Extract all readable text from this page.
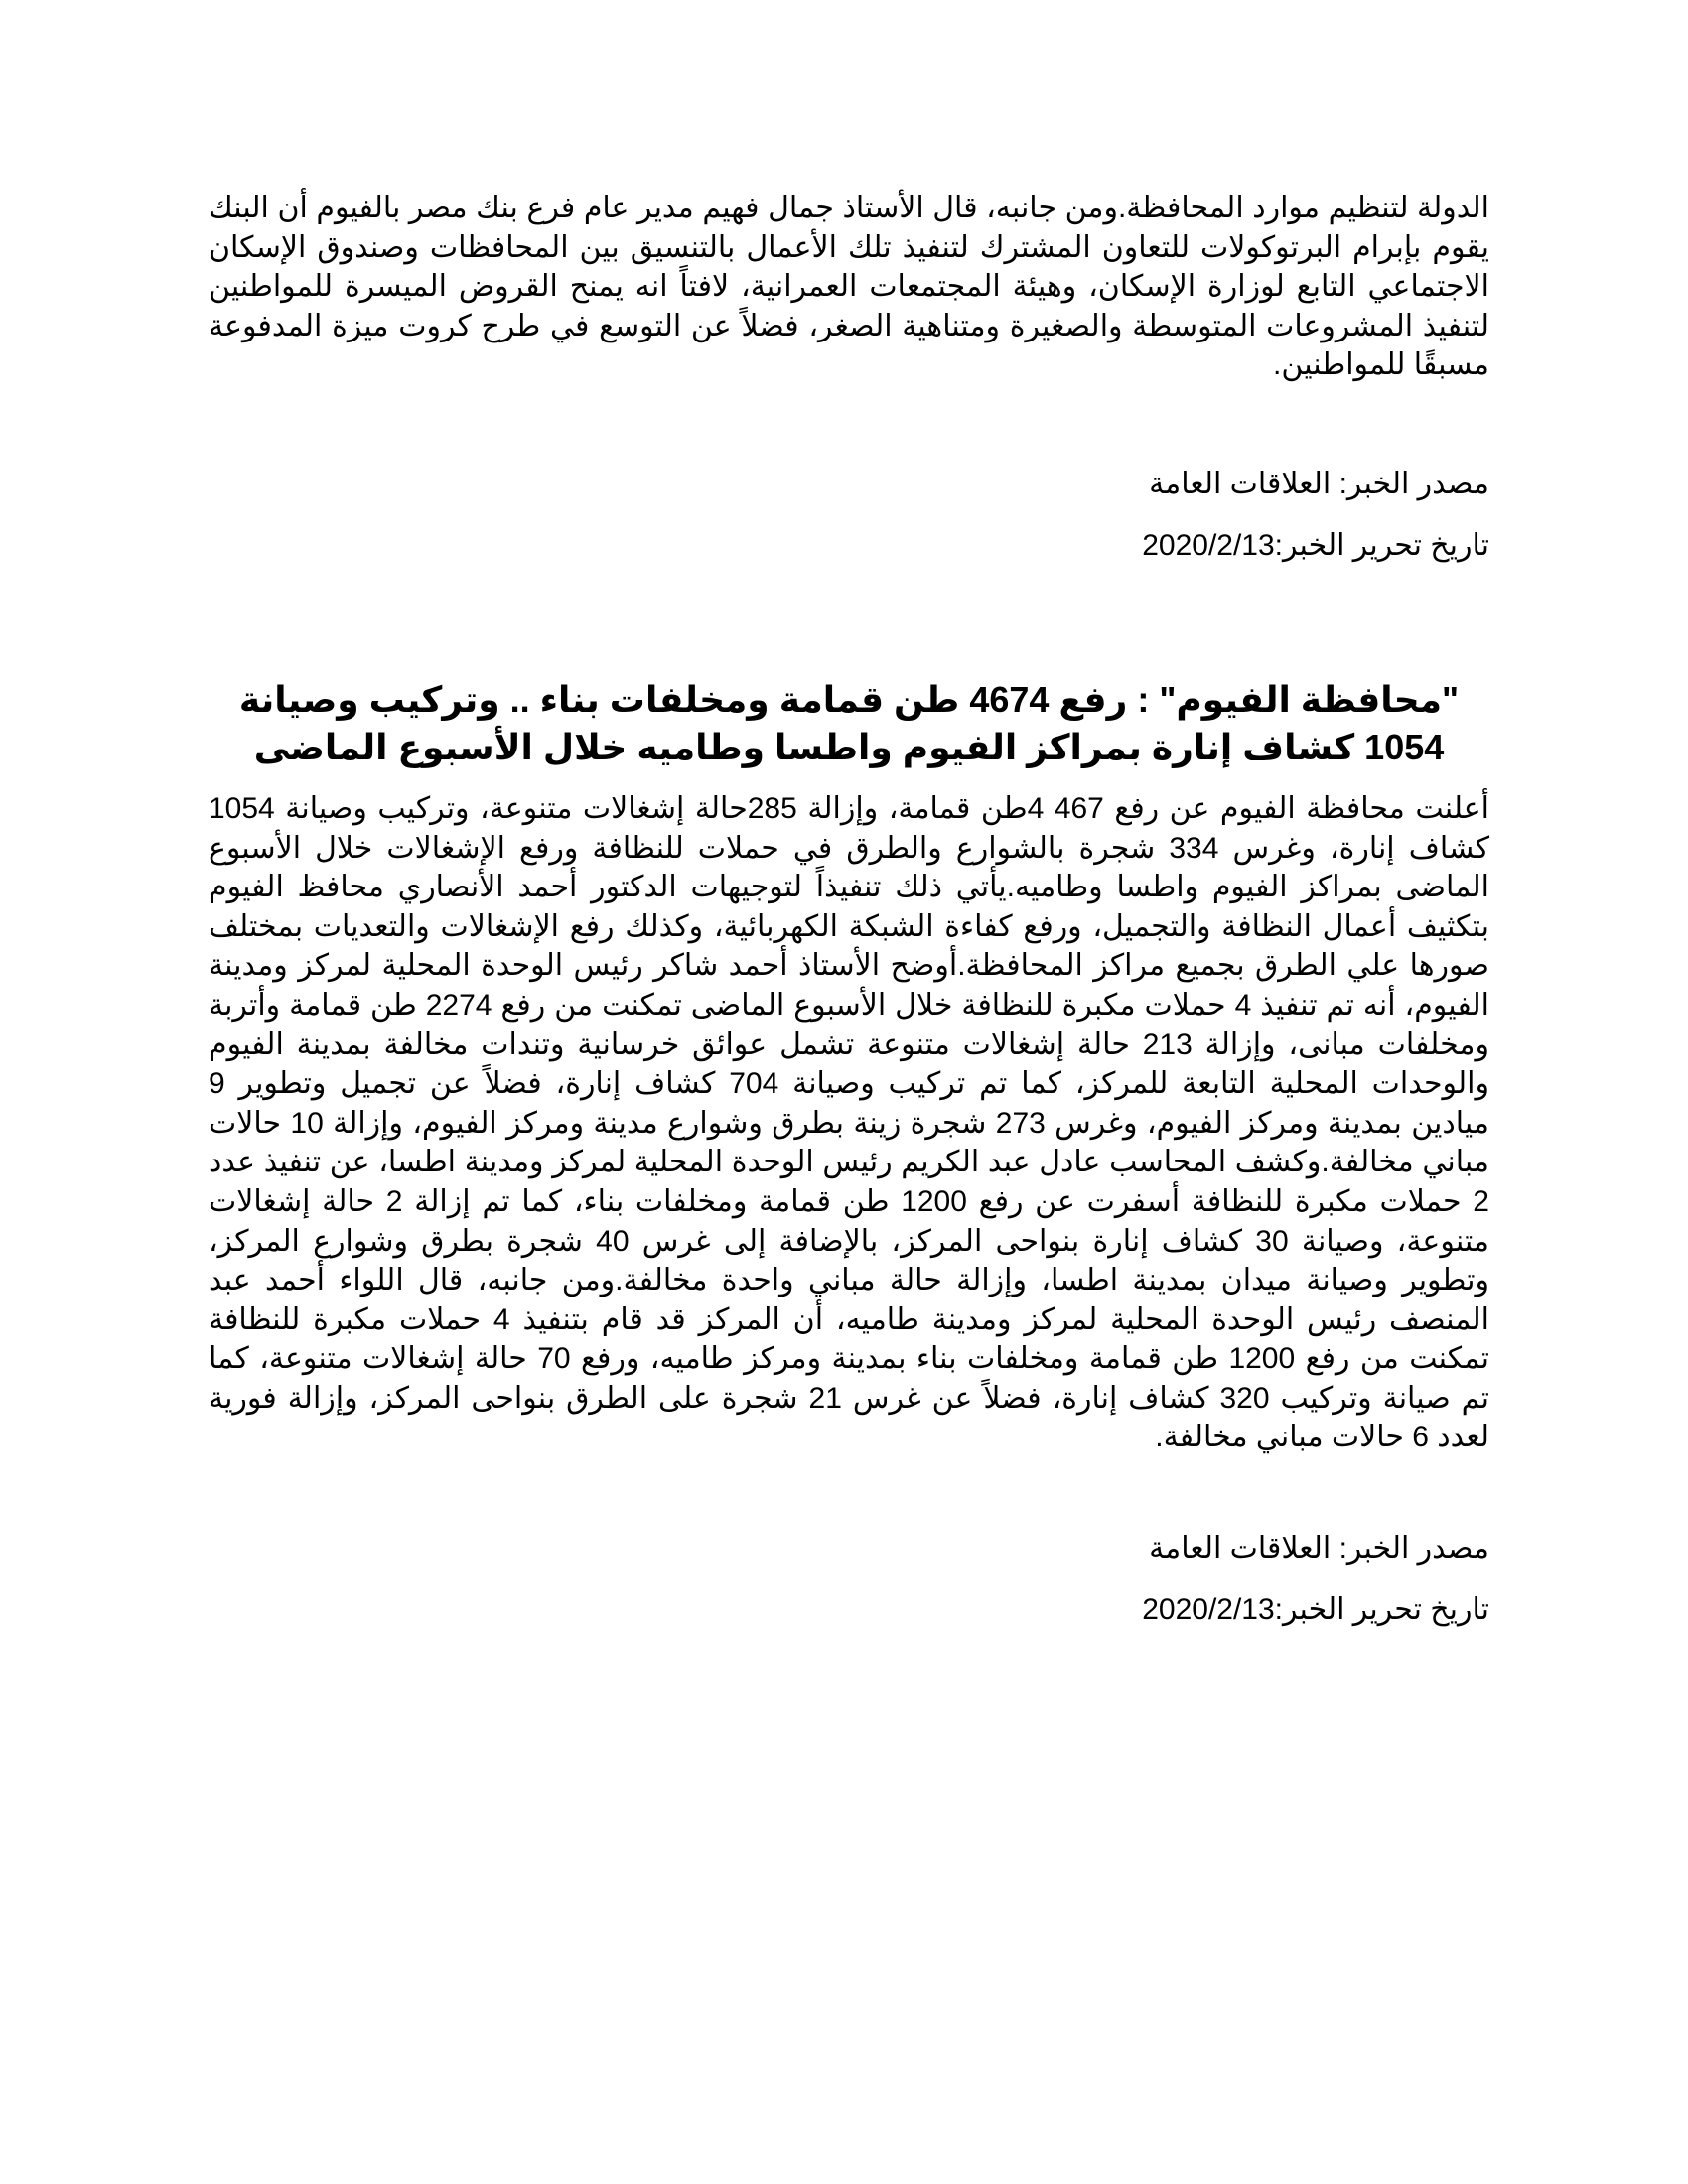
الدولة لتنظيم موارد المحافظة.ومن جانبه، قال الأستاذ جمال فهيم مدير عام فرع بنك مصر بالفيوم أن البنك يقوم بإبرام البرتوكولات للتعاون المشترك لتنفيذ تلك الأعمال بالتنسيق بين المحافظات وصندوق الإسكان الاجتماعي التابع لوزارة الإسكان، وهيئة المجتمعات العمرانية، لافتاً انه يمنح القروض الميسرة للمواطنين لتنفيذ المشروعات المتوسطة والصغيرة ومتناهية الصغر، فضلاً عن التوسع في طرح كروت ميزة المدفوعة مسبقًا للمواطنين.

مصدر الخبر: العلاقات العامة

تاريخ تحرير الخبر:2020/2/13

"محافظة الفيوم" : رفع 4674 طن قمامة ومخلفات بناء .. وتركيب وصيانة 1054 كشاف إنارة بمراكز الفيوم واطسا وطاميه خلال الأسبوع الماضى

أعلنت محافظة الفيوم عن رفع 467 4طن قمامة، وإزالة 285حالة إشغالات متنوعة، وتركيب وصيانة 1054 كشاف إنارة، وغرس 334 شجرة بالشوارع والطرق في حملات للنظافة ورفع الإشغالات خلال الأسبوع الماضى بمراكز الفيوم واطسا وطاميه.يأتي ذلك تنفيذاً لتوجيهات الدكتور أحمد الأنصاري محافظ الفيوم بتكثيف أعمال النظافة والتجميل، ورفع كفاءة الشبكة الكهربائية، وكذلك رفع الإشغالات والتعديات بمختلف صورها علي الطرق بجميع مراكز المحافظة.أوضح الأستاذ أحمد شاكر رئيس الوحدة المحلية لمركز ومدينة الفيوم، أنه تم تنفيذ 4 حملات مكبرة للنظافة خلال الأسبوع الماضى تمكنت من رفع 2274 طن قمامة وأتربة ومخلفات مبانى، وإزالة 213 حالة إشغالات متنوعة تشمل عوائق خرسانية وتندات مخالفة بمدينة الفيوم والوحدات المحلية التابعة للمركز، كما تم تركيب وصيانة 704 كشاف إنارة، فضلاً عن تجميل وتطوير 9 ميادين بمدينة ومركز الفيوم، وغرس 273 شجرة زينة بطرق وشوارع مدينة ومركز الفيوم، وإزالة 10 حالات مباني مخالفة.وكشف المحاسب عادل عبد الكريم رئيس الوحدة المحلية لمركز ومدينة اطسا، عن تنفيذ عدد 2 حملات مكبرة للنظافة أسفرت عن رفع 1200 طن قمامة ومخلفات بناء، كما تم إزالة 2 حالة إشغالات متنوعة، وصيانة 30 كشاف إنارة بنواحى المركز، بالإضافة إلى غرس 40 شجرة بطرق وشوارع المركز، وتطوير وصيانة ميدان بمدينة اطسا، وإزالة حالة مباني واحدة مخالفة.ومن جانبه، قال اللواء أحمد عبد المنصف رئيس الوحدة المحلية لمركز ومدينة طاميه، أن المركز قد قام بتنفيذ 4 حملات مكبرة للنظافة تمكنت من رفع 1200 طن قمامة ومخلفات بناء بمدينة ومركز طاميه، ورفع 70 حالة إشغالات متنوعة، كما تم صيانة وتركيب 320 كشاف إنارة، فضلاً عن غرس 21 شجرة على الطرق بنواحى المركز، وإزالة فورية لعدد 6 حالات مباني مخالفة.

مصدر الخبر: العلاقات العامة

تاريخ تحرير الخبر:2020/2/13
